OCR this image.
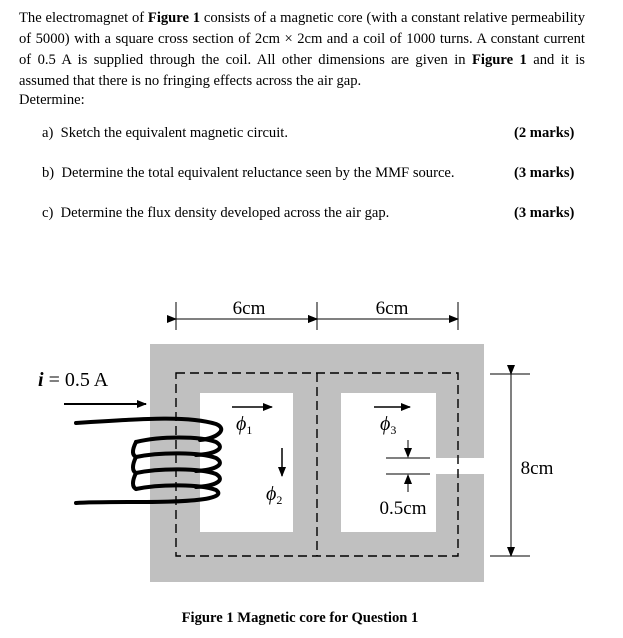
The electromagnet of Figure 1 consists of a magnetic core (with a constant relative permeability of 5000) with a square cross section of 2cm × 2cm and a coil of 1000 turns. A constant current of 0.5 A is supplied through the coil. All other dimensions are given in Figure 1 and it is assumed that there is no fringing effects across the air gap.

Determine:

a) Sketch the equivalent magnetic circuit.	(2 marks)
b) Determine the total equivalent reluctance seen by the MMF source.	(3 marks)
c) Determine the flux density developed across the air gap.	(3 marks)
6cm	6cm
8cm
i = 0.5 A
$\phi_1$
$\phi_2$
$\phi_3$
0.5cm
Figure 1 Magnetic core for Question 1
